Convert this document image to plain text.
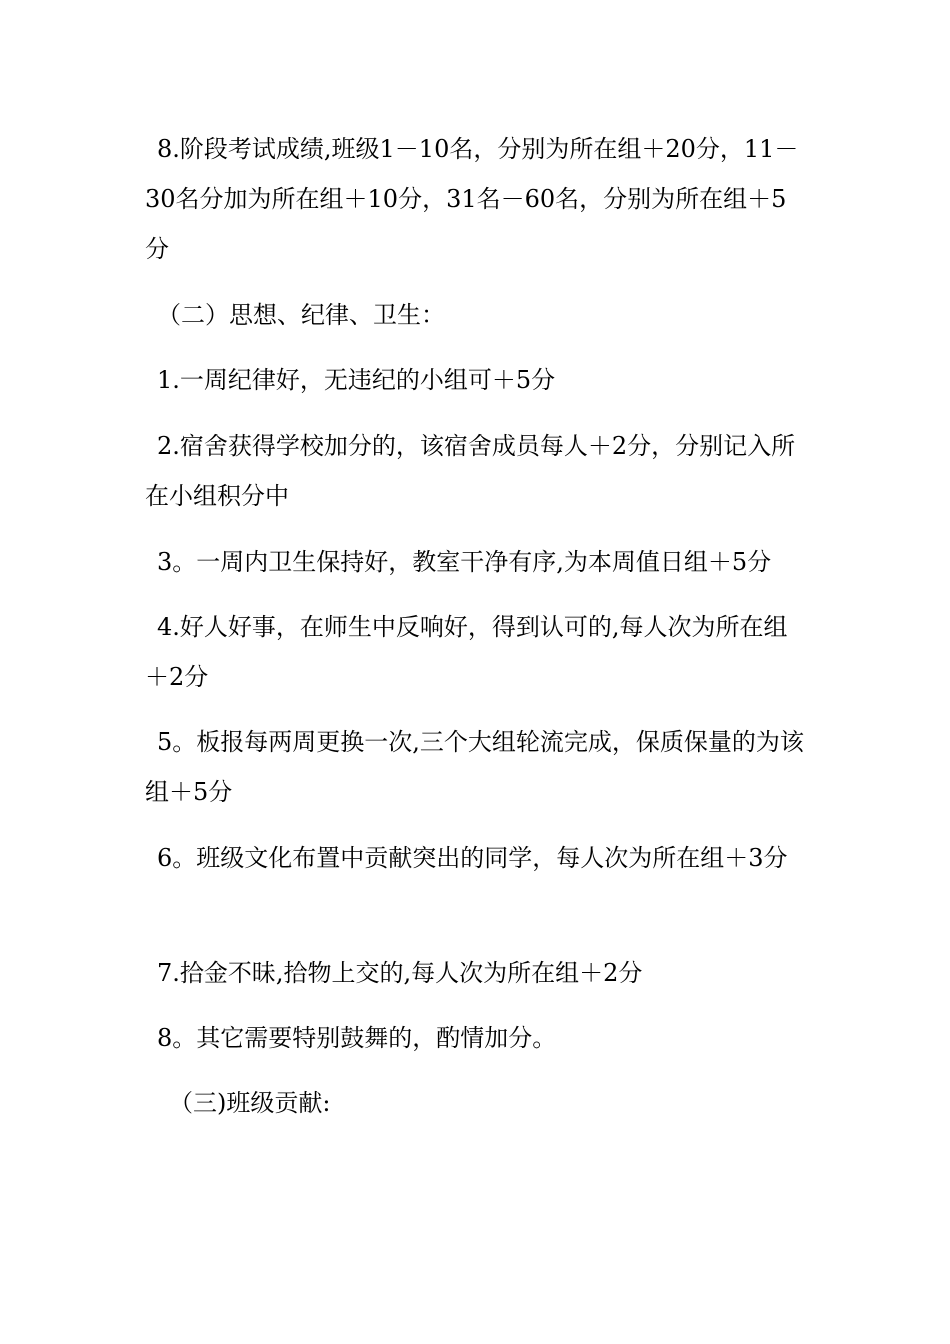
8.阶段考试成绩,班级1－10名，分别为所在组＋20分，11－30名分加为所在组＋10分，31名－60名，分别为所在组＋5分

（二）思想、纪律、卫生：

1.一周纪律好，无违纪的小组可＋5分

2.宿舍获得学校加分的，该宿舍成员每人＋2分，分别记入所在小组积分中

3。一周内卫生保持好，教室干净有序,为本周值日组＋5分

4.好人好事，在师生中反响好，得到认可的,每人次为所在组＋2分

5。板报每两周更换一次,三个大组轮流完成，保质保量的为该组＋5分

6。班级文化布置中贡献突出的同学，每人次为所在组＋3分

7.拾金不昧,拾物上交的,每人次为所在组＋2分

8。其它需要特别鼓舞的，酌情加分。

（三)班级贡献:
